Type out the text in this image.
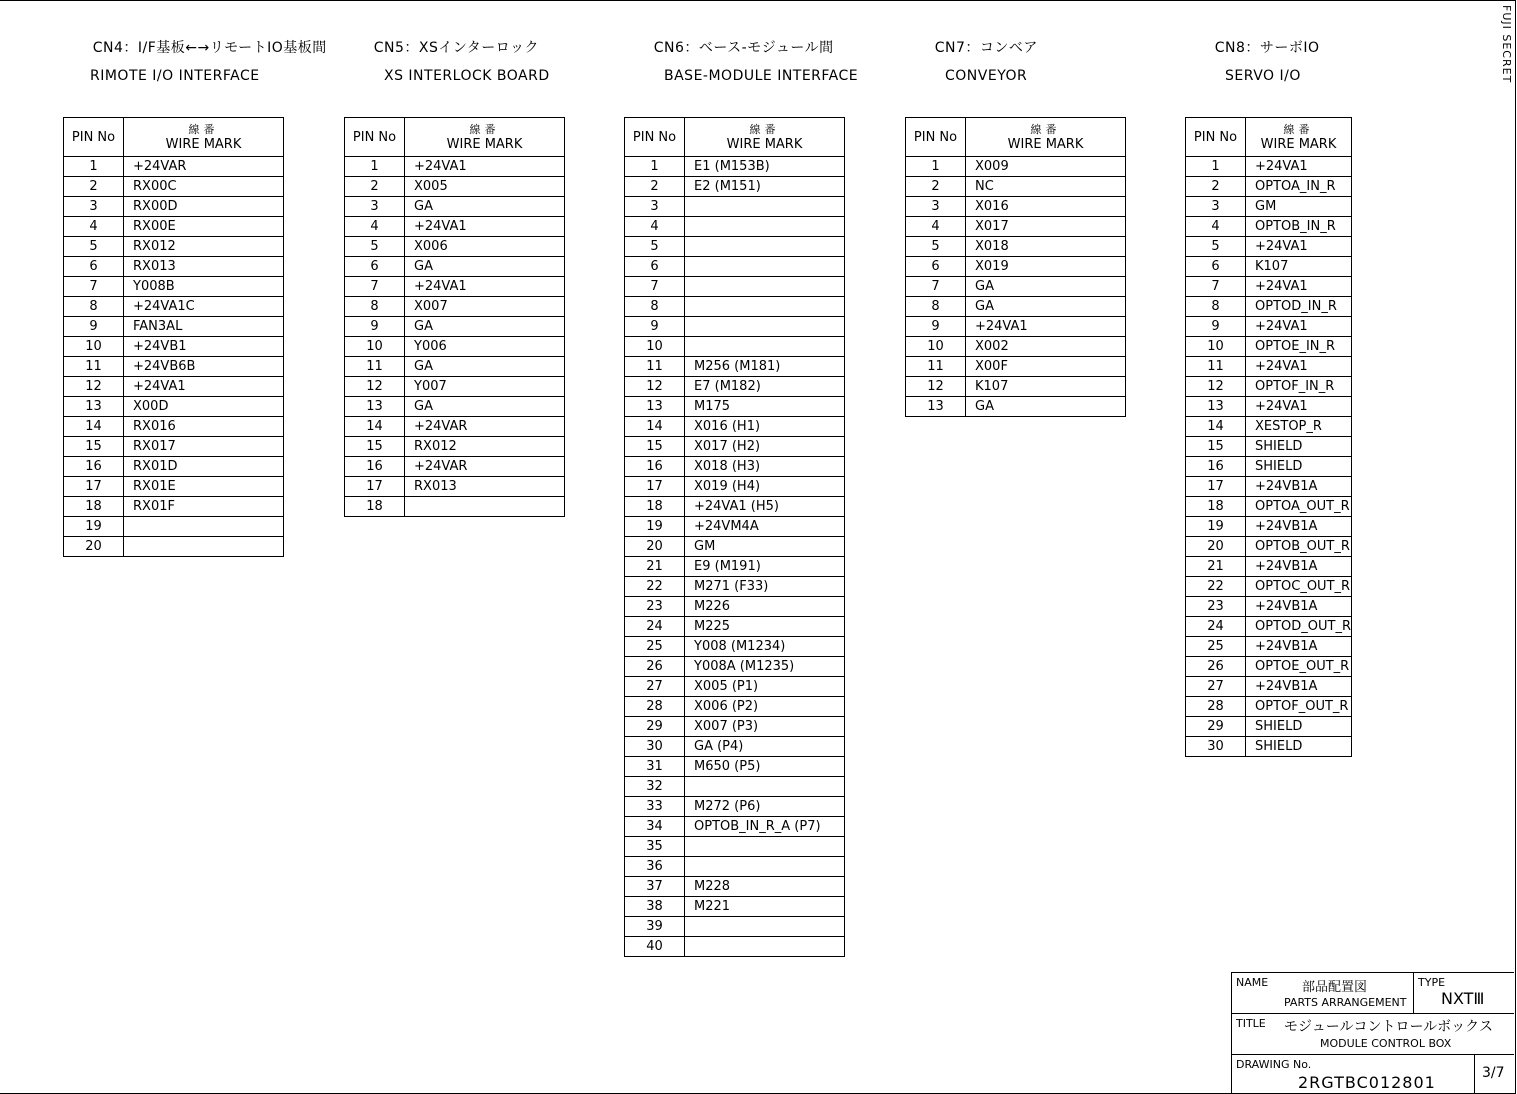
FUJI SECRET

CN4：I/F基板←→リモートIO基板間

RIMOTE I/O INTERFACE

PIN No	線番
WIRE MARK
1	+24VAR
2	RX00C
3	RX00D
4	RX00E
5	RX012
6	RX013
7	Y008B
8	+24VA1C
9	FAN3AL
10	+24VB1
11	+24VB6B
12	+24VA1
13	X00D
14	RX016
15	RX017
16	RX01D
17	RX01E
18	RX01F
19	
20	

CN5：XSインターロック

XS INTERLOCK BOARD

PIN No	線番
WIRE MARK
1	+24VA1
2	X005
3	GA
4	+24VA1
5	X006
6	GA
7	+24VA1
8	X007
9	GA
10	Y006
11	GA
12	Y007
13	GA
14	+24VAR
15	RX012
16	+24VAR
17	RX013
18	

CN6：ベース-モジュール間

BASE-MODULE INTERFACE

PIN No	線番
WIRE MARK
1	E1 (M153B)
2	E2 (M151)
3	
4	
5	
6	
7	
8	
9	
10	
11	M256 (M181)
12	E7 (M182)
13	M175
14	X016 (H1)
15	X017 (H2)
16	X018 (H3)
17	X019 (H4)
18	+24VA1 (H5)
19	+24VM4A
20	GM
21	E9 (M191)
22	M271 (F33)
23	M226
24	M225
25	Y008 (M1234)
26	Y008A (M1235)
27	X005 (P1)
28	X006 (P2)
29	X007 (P3)
30	GA (P4)
31	M650 (P5)
32	
33	M272 (P6)
34	OPTOB_IN_R_A (P7)
35	
36	
37	M228
38	M221
39	
40	

CN7：コンベア

CONVEYOR

PIN No	線番
WIRE MARK
1	X009
2	NC
3	X016
4	X017
5	X018
6	X019
7	GA
8	GA
9	+24VA1
10	X002
11	X00F
12	K107
13	GA

CN8：サーボIO

SERVO I/O

PIN No	線番
WIRE MARK
1	+24VA1
2	OPTOA_IN_R
3	GM
4	OPTOB_IN_R
5	+24VA1
6	K107
7	+24VA1
8	OPTOD_IN_R
9	+24VA1
10	OPTOE_IN_R
11	+24VA1
12	OPTOF_IN_R
13	+24VA1
14	XESTOP_R
15	SHIELD
16	SHIELD
17	+24VB1A
18	OPTOA_OUT_R
19	+24VB1A
20	OPTOB_OUT_R
21	+24VB1A
22	OPTOC_OUT_R
23	+24VB1A
24	OPTOD_OUT_R
25	+24VB1A
26	OPTOE_OUT_R
27	+24VB1A
28	OPTOF_OUT_R
29	SHIELD
30	SHIELD
NAME	部品配置図
PARTS ARRANGEMENT
TYPE
NXTⅢ
TITLE モジュールコントロールボックス
MODULE CONTROL BOX
DRAWING No.
2RGTBC012801	3/7
